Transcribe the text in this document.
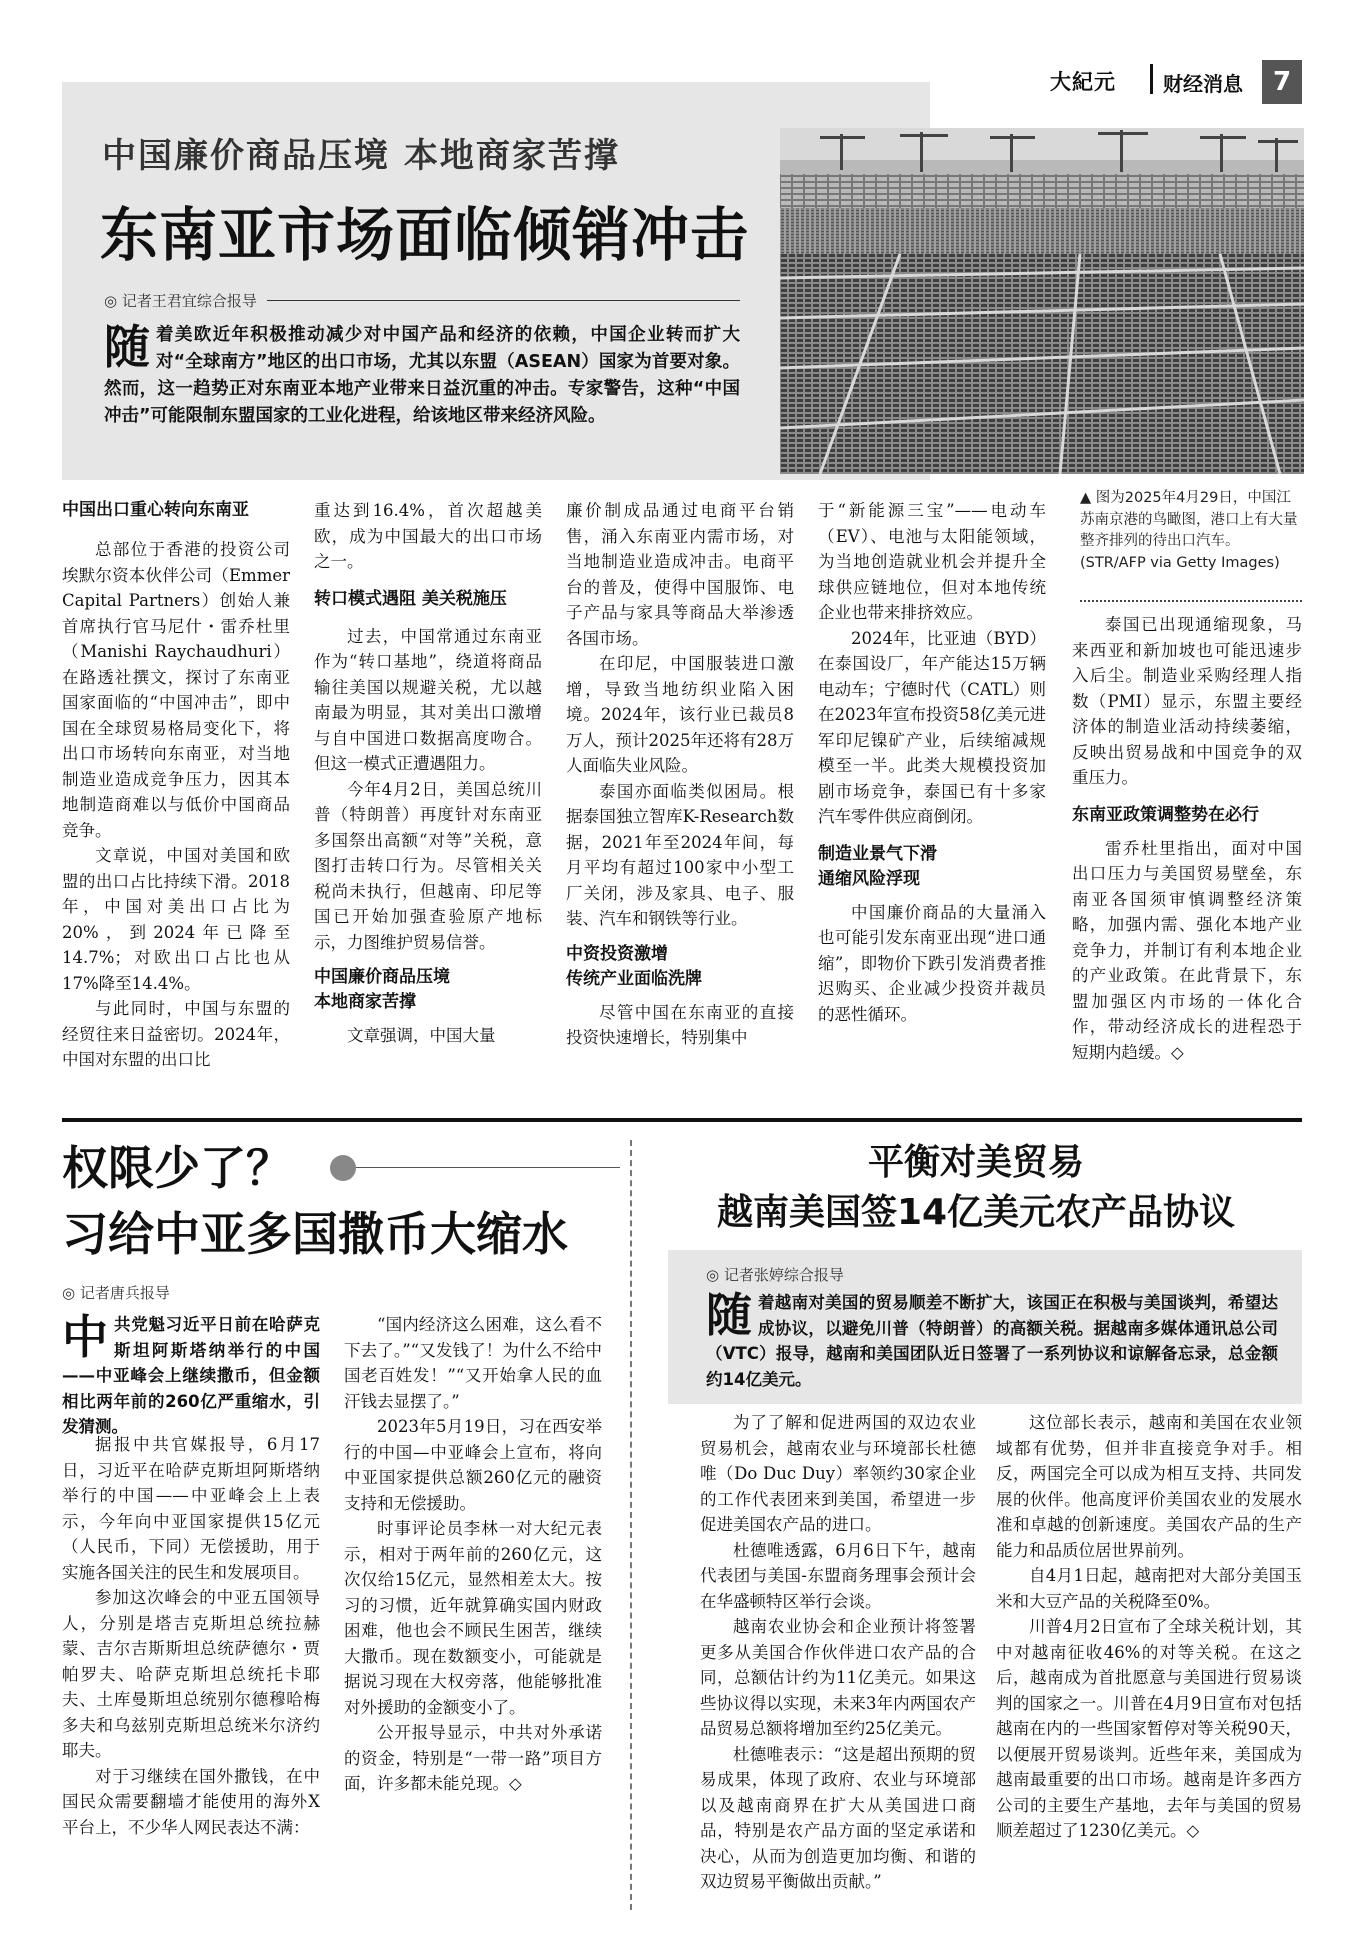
大紀元 财经消息	7
中国廉价商品压境 本地商家苦撑
东南亚市场面临倾销冲击
◎ 记者王君宜综合报导
随着美欧近年积极推动减少对中国产品和经济的依赖，中国企业转而扩大对“全球南方”地区的出口市场，尤其以东盟（ASEAN）国家为首要对象。然而，这一趋势正对东南亚本地产业带来日益沉重的冲击。专家警告，这种“中国冲击”可能限制东盟国家的工业化进程，给该地区带来经济风险。
▲ 图为2025年4月29日，中国江苏南京港的鸟瞰图，港口上有大量整齐排列的待出口汽车。(STR/AFP via Getty Images)
中国出口重心转向东南亚

总部位于香港的投资公司埃默尔资本伙伴公司（Emmer Capital Partners）创始人兼首席执行官马尼什・雷乔杜里（Manishi Raychaudhuri）在路透社撰文，探讨了东南亚国家面临的“中国冲击”，即中国在全球贸易格局变化下，将出口市场转向东南亚，对当地制造业造成竞争压力，因其本地制造商难以与低价中国商品竞争。

文章说，中国对美国和欧盟的出口占比持续下滑。2018年，中国对美出口占比为20%，到2024年已降至14.7%；对欧出口占比也从17%降至14.4%。

与此同时，中国与东盟的经贸往来日益密切。2024年，中国对东盟的出口比

重达到16.4%，首次超越美欧，成为中国最大的出口市场之一。

转口模式遇阻 美关税施压

过去，中国常通过东南亚作为“转口基地”，绕道将商品输往美国以规避关税，尤以越南最为明显，其对美出口激增与自中国进口数据高度吻合。但这一模式正遭遇阻力。

今年4月2日，美国总统川普（特朗普）再度针对东南亚多国祭出高额“对等”关税，意图打击转口行为。尽管相关关税尚未执行，但越南、印尼等国已开始加强查验原产地标示，力图维护贸易信誉。

中国廉价商品压境
本地商家苦撑

文章强调，中国大量

廉价制成品通过电商平台销售，涌入东南亚内需市场，对当地制造业造成冲击。电商平台的普及，使得中国服饰、电子产品与家具等商品大举渗透各国市场。

在印尼，中国服装进口激增，导致当地纺织业陷入困境。2024年，该行业已裁员8万人，预计2025年还将有28万人面临失业风险。

泰国亦面临类似困局。根据泰国独立智库K-Research数据，2021年至2024年间，每月平均有超过100家中小型工厂关闭，涉及家具、电子、服装、汽车和钢铁等行业。

中资投资激增
传统产业面临洗牌

尽管中国在东南亚的直接投资快速增长，特别集中

于“新能源三宝”——电动车（EV）、电池与太阳能领域，为当地创造就业机会并提升全球供应链地位，但对本地传统企业也带来排挤效应。

2024年，比亚迪（BYD）在泰国设厂，年产能达15万辆电动车；宁德时代（CATL）则在2023年宣布投资58亿美元进军印尼镍矿产业，后续缩减规模至一半。此类大规模投资加剧市场竞争，泰国已有十多家汽车零件供应商倒闭。

制造业景气下滑
通缩风险浮现

中国廉价商品的大量涌入也可能引发东南亚出现“进口通缩”，即物价下跌引发消费者推迟购买、企业减少投资并裁员的恶性循环。

泰国已出现通缩现象，马来西亚和新加坡也可能迅速步入后尘。制造业采购经理人指数（PMI）显示，东盟主要经济体的制造业活动持续萎缩，反映出贸易战和中国竞争的双重压力。

东南亚政策调整势在必行

雷乔杜里指出，面对中国出口压力与美国贸易壁垒，东南亚各国须审慎调整经济策略，加强内需、强化本地产业竞争力，并制订有利本地企业的产业政策。在此背景下，东盟加强区内市场的一体化合作，带动经济成长的进程恐于短期内趋缓。◇

权限少了？
习给中亚多国撒币大缩水
◎ 记者唐兵报导
中共党魁习近平日前在哈萨克斯坦阿斯塔纳举行的中国——中亚峰会上继续撒币，但金额相比两年前的260亿严重缩水，引发猜测。

据报中共官媒报导，6月17日，习近平在哈萨克斯坦阿斯塔纳举行的中国——中亚峰会上上表示，今年向中亚国家提供15亿元（人民币，下同）无偿援助，用于实施各国关注的民生和发展项目。

参加这次峰会的中亚五国领导人，分别是塔吉克斯坦总统拉赫蒙、吉尔吉斯斯坦总统萨德尔・贾帕罗夫、哈萨克斯坦总统托卡耶夫、土库曼斯坦总统别尔德穆哈梅多夫和乌兹别克斯坦总统米尔济约耶夫。

对于习继续在国外撒钱，在中国民众需要翻墙才能使用的海外X平台上，不少华人网民表达不满：

“国内经济这么困难，这么看不下去了。”“又发钱了！为什么不给中国老百姓发！”“又开始拿人民的血汗钱去显摆了。”

2023年5月19日，习在西安举行的中国—中亚峰会上宣布，将向中亚国家提供总额260亿元的融资支持和无偿援助。

时事评论员李林一对大纪元表示，相对于两年前的260亿元，这次仅给15亿元，显然相差太大。按习的习惯，近年就算确实国内财政困难，他也会不顾民生困苦，继续大撒币。现在数额变小，可能就是据说习现在大权旁落，他能够批准对外援助的金额变小了。

公开报导显示，中共对外承诺的资金，特别是“一带一路”项目方面，许多都未能兑现。◇

平衡对美贸易
越南美国签14亿美元农产品协议
◎ 记者张婷综合报导
随着越南对美国的贸易顺差不断扩大，该国正在积极与美国谈判，希望达成协议，以避免川普（特朗普）的高额关税。据越南多媒体通讯总公司（VTC）报导，越南和美国团队近日签署了一系列协议和谅解备忘录，总金额约14亿美元。

为了了解和促进两国的双边农业贸易机会，越南农业与环境部长杜德唯（Do Duc Duy）率领约30家企业的工作代表团来到美国，希望进一步促进美国农产品的进口。

杜德唯透露，6月6日下午，越南代表团与美国-东盟商务理事会预计会在华盛顿特区举行会谈。

越南农业协会和企业预计将签署更多从美国合作伙伴进口农产品的合同，总额估计约为11亿美元。如果这些协议得以实现，未来3年内两国农产品贸易总额将增加至约25亿美元。

杜德唯表示：“这是超出预期的贸易成果，体现了政府、农业与环境部以及越南商界在扩大从美国进口商品，特别是农产品方面的坚定承诺和决心，从而为创造更加均衡、和谐的双边贸易平衡做出贡献。”

这位部长表示，越南和美国在农业领域都有优势，但并非直接竞争对手。相反，两国完全可以成为相互支持、共同发展的伙伴。他高度评价美国农业的发展水准和卓越的创新速度。美国农产品的生产能力和品质位居世界前列。

自4月1日起，越南把对大部分美国玉米和大豆产品的关税降至0%。

川普4月2日宣布了全球关税计划，其中对越南征收46%的对等关税。在这之后，越南成为首批愿意与美国进行贸易谈判的国家之一。川普在4月9日宣布对包括越南在内的一些国家暂停对等关税90天，以便展开贸易谈判。近些年来，美国成为越南最重要的出口市场。越南是许多西方公司的主要生产基地，去年与美国的贸易顺差超过了1230亿美元。◇
